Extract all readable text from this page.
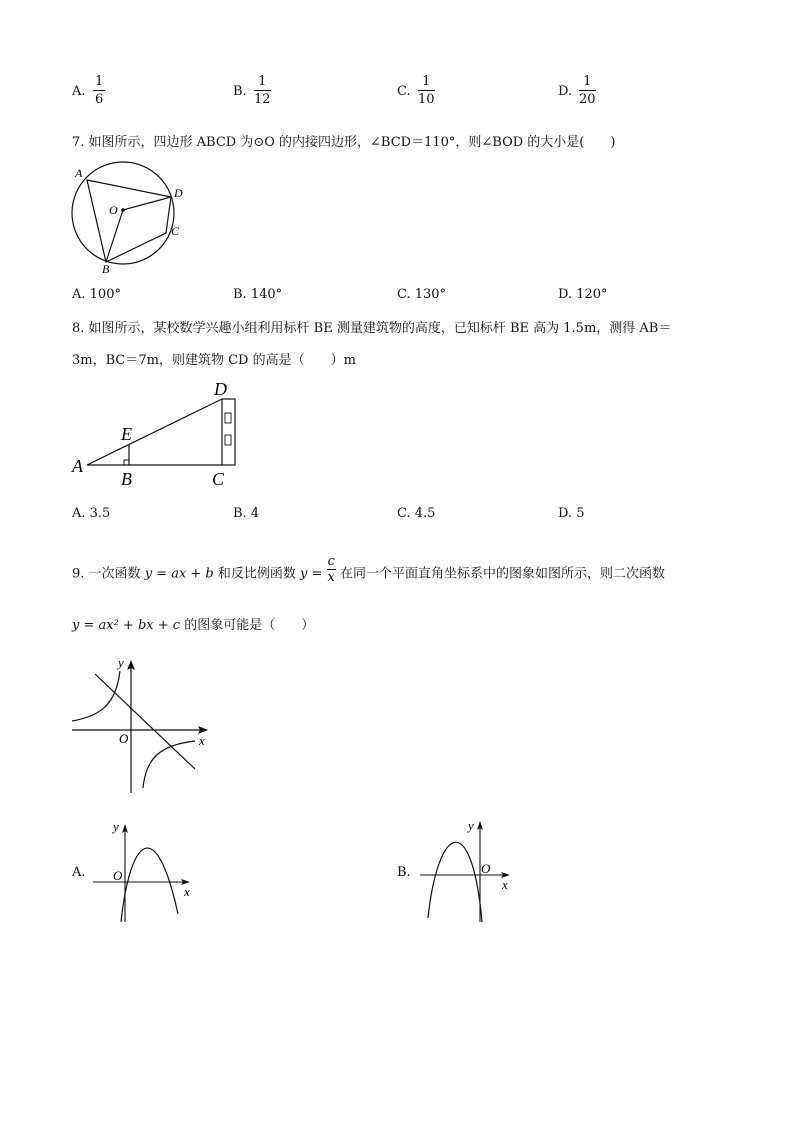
A. $\frac{1}{6}$	B. $\frac{1}{12}$	C. $\frac{1}{10}$	D. $\frac{1}{20}$
7. 如图所示，四边形 ABCD 为⊙O 的内接四边形，∠BCD＝110°，则∠BOD 的大小是(　　)
A
D
C
B
O
A. 100°	B. 140°	C. 130°	D. 120°
8. 如图所示，某校数学兴趣小组利用标杆 BE 测量建筑物的高度，已知标杆 BE 高为 1.5m，测得 AB＝
3m，BC＝7m，则建筑物 CD 的高是（　　）m
A
B	C
D
E
A. 3.5	B. 4	C. 4.5	D. 5
9. 一次函数 y = ax + b 和反比例函数 $y = \frac{c}{x}$ 在同一个平面直角坐标系中的图象如图所示，则二次函数
y = ax² + bx + c 的图象可能是（　　）
y
x
O
A.
y
x
O	B.
y
x
O
